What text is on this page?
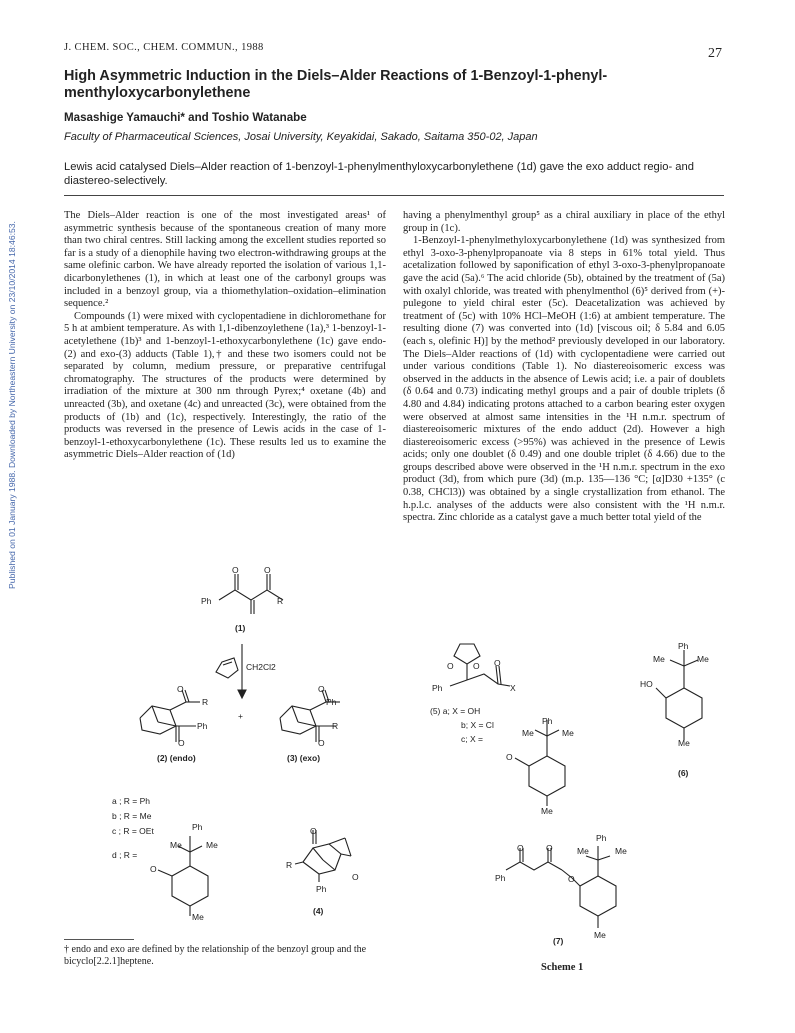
Published on 01 January 1988. Downloaded by Northeastern University on 23/10/2014 18:46:53.
J. CHEM. SOC., CHEM. COMMUN., 1988	27
High Asymmetric Induction in the Diels–Alder Reactions of 1-Benzoyl-1-phenyl-menthyloxycarbonylethene
Masashige Yamauchi* and Toshio Watanabe
Faculty of Pharmaceutical Sciences, Josai University, Keyakidai, Sakado, Saitama 350-02, Japan
Lewis acid catalysed Diels–Alder reaction of 1-benzoyl-1-phenylmenthyloxycarbonylethene (1d) gave the exo adduct regio- and diastereo-selectively.

The Diels–Alder reaction is one of the most investigated areas¹ of asymmetric synthesis because of the spontaneous creation of many more than two chiral centres. Still lacking among the excellent studies reported so far is a study of a dienophile having two electron-withdrawing groups at the same olefinic carbon. We have already reported the isolation of various 1,1-dicarbonylethenes (1), in which at least one of the carbonyl groups was included in a benzoyl group, via a thiomethylation–oxidation–elimination sequence.²

Compounds (1) were mixed with cyclopentadiene in dichloromethane for 5 h at ambient temperature. As with 1,1-dibenzoylethene (1a),³ 1-benzoyl-1-acetylethene (1b)³ and 1-benzoyl-1-ethoxycarbonylethene (1c) gave endo-(2) and exo-(3) adducts (Table 1),† and these two isomers could not be separated by column, medium pressure, or preparative centrifugal chromatography. The structures of the products were determined by irradiation of the mixture at 300 nm through Pyrex;⁴ oxetane (4b) and unreacted (3b), and oxetane (4c) and unreacted (3c), were obtained from the products of (1b) and (1c), respectively. Interestingly, the ratio of the products was reversed in the presence of Lewis acids in the case of 1-benzoyl-1-ethoxycarbonylethene (1c). These results led us to examine the asymmetric Diels–Alder reaction of (1d)

having a phenylmenthyl group⁵ as a chiral auxiliary in place of the ethyl group in (1c).

1-Benzoyl-1-phenylmethyloxycarbonylethene (1d) was synthesized from ethyl 3-oxo-3-phenylpropanoate via 8 steps in 61% total yield. Thus acetalization followed by saponification of ethyl 3-oxo-3-phenylpropanoate gave the acid (5a).⁶ The acid chloride (5b), obtained by the treatment of (5a) with oxalyl chloride, was treated with phenylmenthol (6)⁵ derived from (+)-pulegone to yield chiral ester (5c). Deacetalization was achieved by treatment of (5c) with 10% HCl–MeOH (1:6) at ambient temperature. The resulting dione (7) was converted into (1d) [viscous oil; δ 5.84 and 6.05 (each s, olefinic H)] by the method² previously developed in our laboratory. The Diels–Alder reactions of (1d) with cyclopentadiene were carried out under various conditions (Table 1). No diastereoisomeric excess was observed in the adducts in the absence of Lewis acid; i.e. a pair of doublets (δ 0.64 and 0.73) indicating methyl groups and a pair of double triplets (δ 4.80 and 4.84) indicating protons attached to a carbon bearing ester oxygen were observed at almost same intensities in the ¹H n.m.r. spectrum of diastereoisomeric mixtures of the endo adduct (2d). However a high diastereoisomeric excess (>95%) was achieved in the presence of Lewis acids; only one doublet (δ 0.49) and one double triplet (δ 4.66) due to the groups described above were observed in the ¹H n.m.r. spectrum in the exo product (3d), from which pure (3d) (m.p. 135—136 °C; [α]D30 +135° (c 0.38, CHCl3)) was obtained by a single crystallization from ethanol. The h.p.l.c. analyses of the adducts were also consistent with the ¹H n.m.r. spectra. Zinc chloride as a catalyst gave a much better total yield of the

O	O
Ph	R
(1)
CH2Cl2
O
R
Ph
O
+
(2) (endo)
O
Ph
R
O
(3) (exo)
a ; R = Ph
b ; R = Me
c ; R = OEt
d ; R =
Ph
Me	Me
O
Me
O
R
Ph
O
(4)
O O O
Ph	X
(5) a; X = OH
b; X = Cl
c; X =
Ph
Me	Me
O
Me
Ph
Me	Me
HO
Me
(6)
O	O
Ph	O
Ph
Me	Me
Me
(7)
Scheme 1
† endo and exo are defined by the relationship of the benzoyl group and the bicyclo[2.2.1]heptene.
